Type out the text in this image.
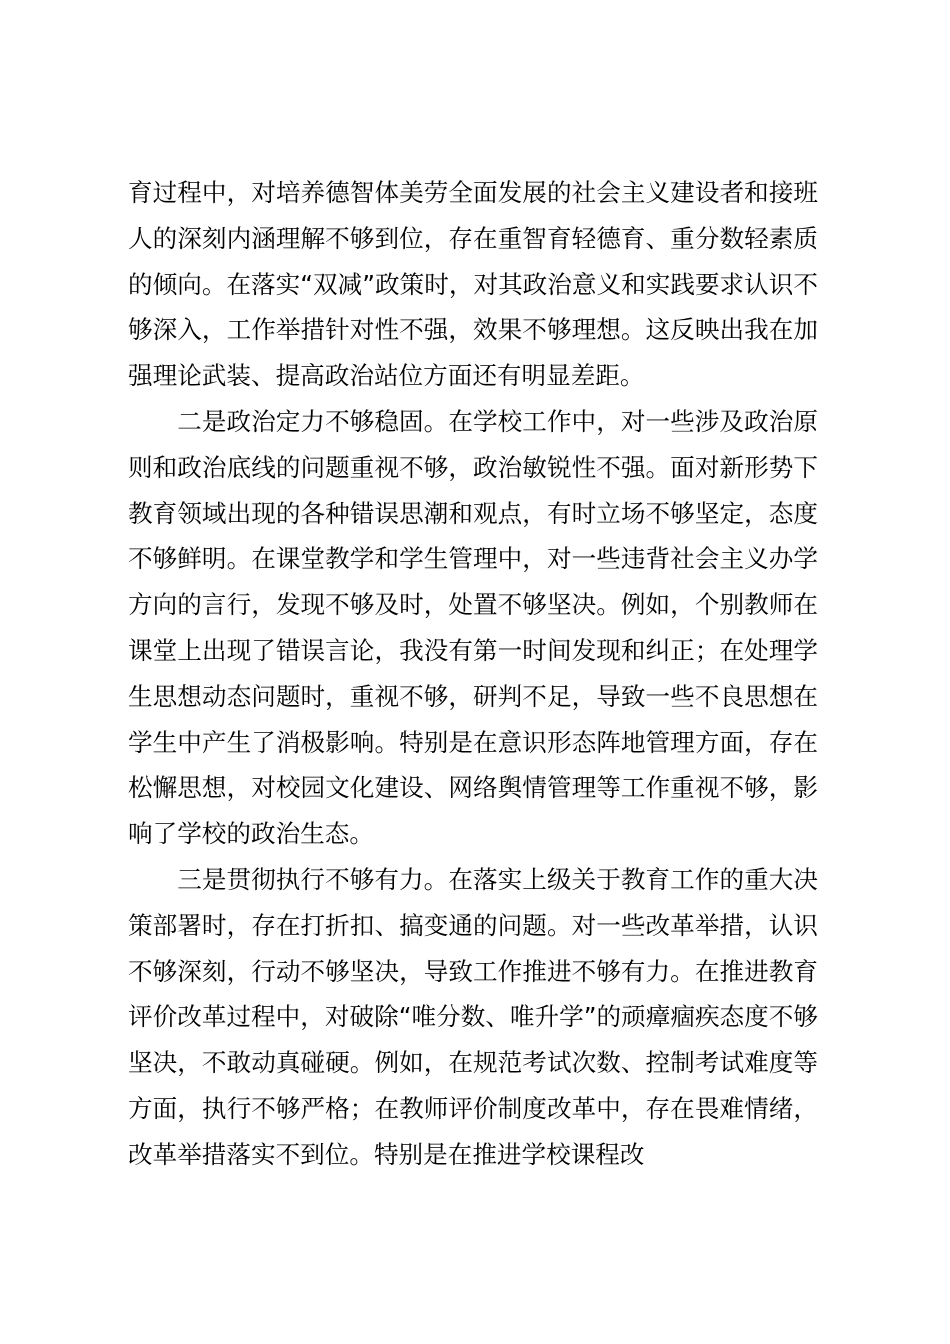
育过程中，对培养德智体美劳全面发展的社会主义建设者和接班人的深刻内涵理解不够到位，存在重智育轻德育、重分数轻素质的倾向。在落实“双减”政策时，对其政治意义和实践要求认识不够深入，工作举措针对性不强，效果不够理想。这反映出我在加强理论武装、提高政治站位方面还有明显差距。

二是政治定力不够稳固。在学校工作中，对一些涉及政治原则和政治底线的问题重视不够，政治敏锐性不强。面对新形势下教育领域出现的各种错误思潮和观点，有时立场不够坚定，态度不够鲜明。在课堂教学和学生管理中，对一些违背社会主义办学方向的言行，发现不够及时，处置不够坚决。例如，个别教师在课堂上出现了错误言论，我没有第一时间发现和纠正；在处理学生思想动态问题时，重视不够，研判不足，导致一些不良思想在学生中产生了消极影响。特别是在意识形态阵地管理方面，存在松懈思想，对校园文化建设、网络舆情管理等工作重视不够，影响了学校的政治生态。

三是贯彻执行不够有力。在落实上级关于教育工作的重大决策部署时，存在打折扣、搞变通的问题。对一些改革举措，认识不够深刻，行动不够坚决，导致工作推进不够有力。在推进教育评价改革过程中，对破除“唯分数、唯升学”的顽瘴痼疾态度不够坚决，不敢动真碰硬。例如，在规范考试次数、控制考试难度等方面，执行不够严格；在教师评价制度改革中，存在畏难情绪，改革举措落实不到位。特别是在推进学校课程改
